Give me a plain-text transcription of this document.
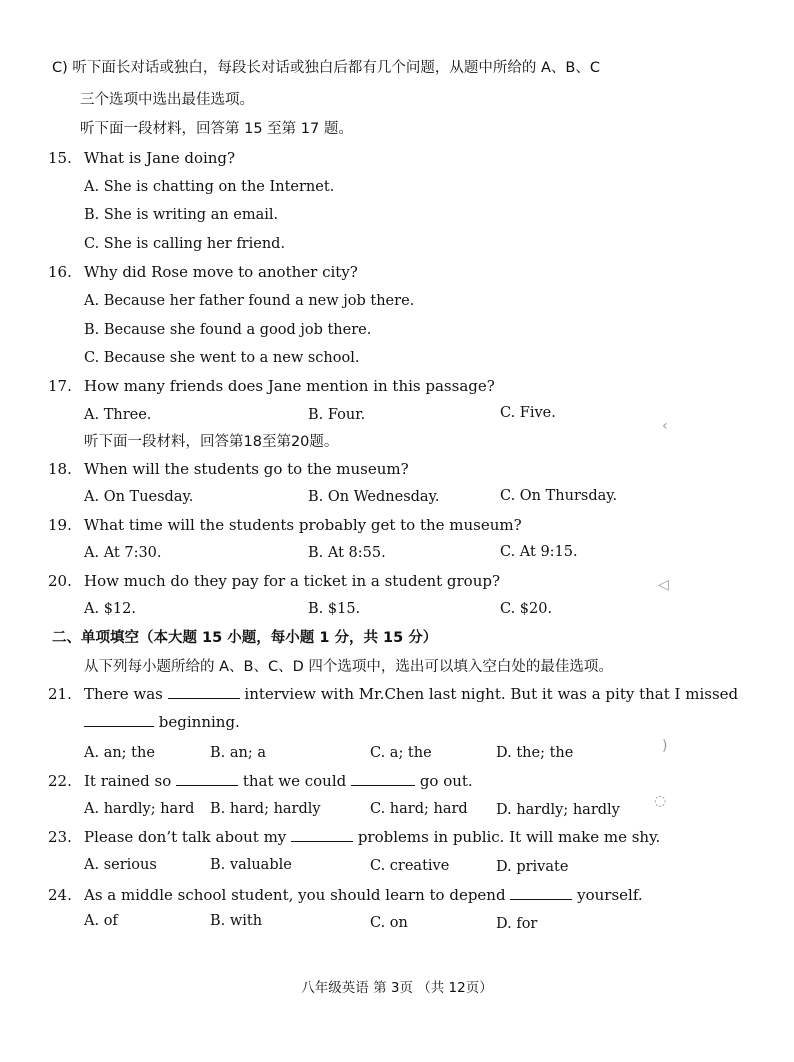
C) 听下面长对话或独白，每段长对话或独白后都有几个问题，从题中所给的 A、B、C
三个选项中选出最佳选项。
听下面一段材料，回答第 15 至第 17 题。
15. What is Jane doing?
A. She is chatting on the Internet.
B. She is writing an email.
C. She is calling her friend.
16. Why did Rose move to another city?
A. Because her father found a new job there.
B. Because she found a good job there.
C. Because she went to a new school.
17. How many friends does Jane mention in this passage?
A. Three.	B. Four.	C. Five.
听下面一段材料，回答第18至第20题。
18. When will the students go to the museum?
A. On Tuesday.	B. On Wednesday.	C. On Thursday.
19. What time will the students probably get to the museum?
A. At 7:30.	B. At 8:55.	C. At 9:15.
20. How much do they pay for a ticket in a student group?
A. $12.	B. $15.	C. $20.
二、单项填空（本大题 15 小题，每小题 1 分，共 15 分）
从下列每小题所给的 A、B、C、D 四个选项中，选出可以填入空白处的最佳选项。
21. There was	interview with Mr.Chen last night. But it was a pity that I missed
beginning.
A. an; the	B. an; a	C. a; the	D. the; the
22. It rained so	that we could	go out.
A. hardly; hard B. hard; hardly	C. hard; hard D. hardly; hardly
23. Please don’t talk about my	problems in public. It will make me shy.
A. serious	B. valuable	C. creative	D. private
24. As a middle school student, you should learn to depend	yourself.
A. of	B. with	C. on	D. for
‹
◁
)
◌
八年级英语 第 3页 （共 12页）
